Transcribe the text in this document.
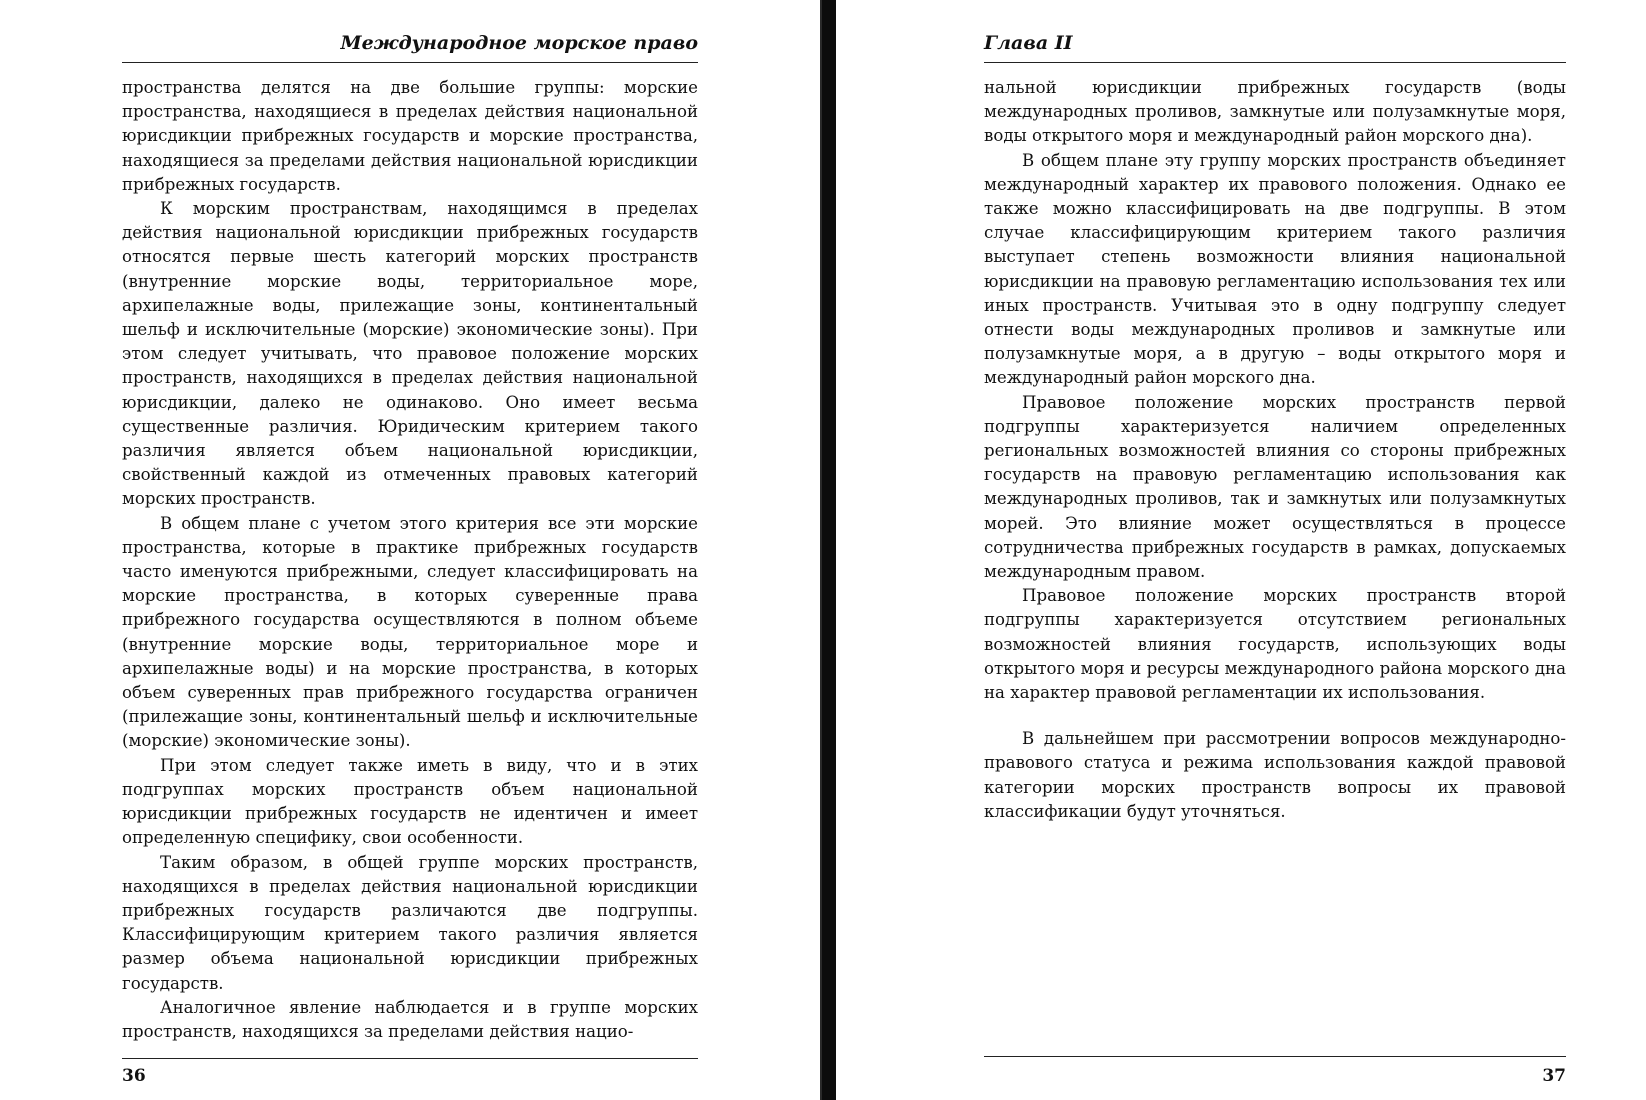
Международное морское право

пространства делятся на две большие группы: морские пространства, находящиеся в пределах действия национальной юрисдикции прибрежных государств и морские пространства, находящиеся за пределами действия национальной юрисдикции прибрежных государств.

К морским пространствам, находящимся в пределах действия национальной юрисдикции прибрежных государств относятся первые шесть категорий морских пространств (внутренние морские воды, территориальное море, архипелажные воды, прилежащие зоны, континентальный шельф и исключительные (морские) экономические зоны). При этом следует учитывать, что правовое положение морских пространств, находящихся в пределах действия национальной юрисдикции, далеко не одинаково. Оно имеет весьма существенные различия. Юридическим критерием такого различия является объем национальной юрисдикции, свойственный каждой из отмеченных правовых категорий морских пространств.

В общем плане с учетом этого критерия все эти морские пространства, которые в практике прибрежных государств часто именуются прибрежными, следует классифицировать на морские пространства, в которых суверенные права прибрежного государства осуществляются в полном объеме (внутренние морские воды, территориальное море и архипелажные воды) и на морские пространства, в которых объем суверенных прав прибрежного государства ограничен (прилежащие зоны, континентальный шельф и исключительные (морские) экономические зоны).

При этом следует также иметь в виду, что и в этих подгруппах морских пространств объем национальной юрисдикции прибрежных государств не идентичен и имеет определенную специфику, свои особенности.

Таким образом, в общей группе морских пространств, находящихся в пределах действия национальной юрисдикции прибрежных государств различаются две подгруппы. Классифицирующим критерием такого различия является размер объема национальной юрисдикции прибрежных государств.

Аналогичное явление наблюдается и в группе морских пространств, находящихся за пределами действия нацио-

36
Глава II

нальной юрисдикции прибрежных государств (воды международных проливов, замкнутые или полузамкнутые моря, воды открытого моря и международный район морского дна).

В общем плане эту группу морских пространств объединяет международный характер их правового положения. Однако ее также можно классифицировать на две подгруппы. В этом случае классифицирующим критерием такого различия выступает степень возможности влияния национальной юрисдикции на правовую регламентацию использования тех или иных пространств. Учитывая это в одну подгруппу следует отнести воды международных проливов и замкнутые или полузамкнутые моря, а в другую – воды открытого моря и международный район морского дна.

Правовое положение морских пространств первой подгруппы характеризуется наличием определенных региональных возможностей влияния со стороны прибрежных государств на правовую регламентацию использования как международных проливов, так и замкнутых или полузамкнутых морей. Это влияние может осуществляться в процессе сотрудничества прибрежных государств в рамках, допускаемых международным правом.

Правовое положение морских пространств второй подгруппы характеризуется отсутствием региональных возможностей влияния государств, использующих воды открытого моря и ресурсы международного района морского дна на характер правовой регламентации их использования.

В дальнейшем при рассмотрении вопросов международно-правового статуса и режима использования каждой правовой категории морских пространств вопросы их правовой классификации будут уточняться.

37
